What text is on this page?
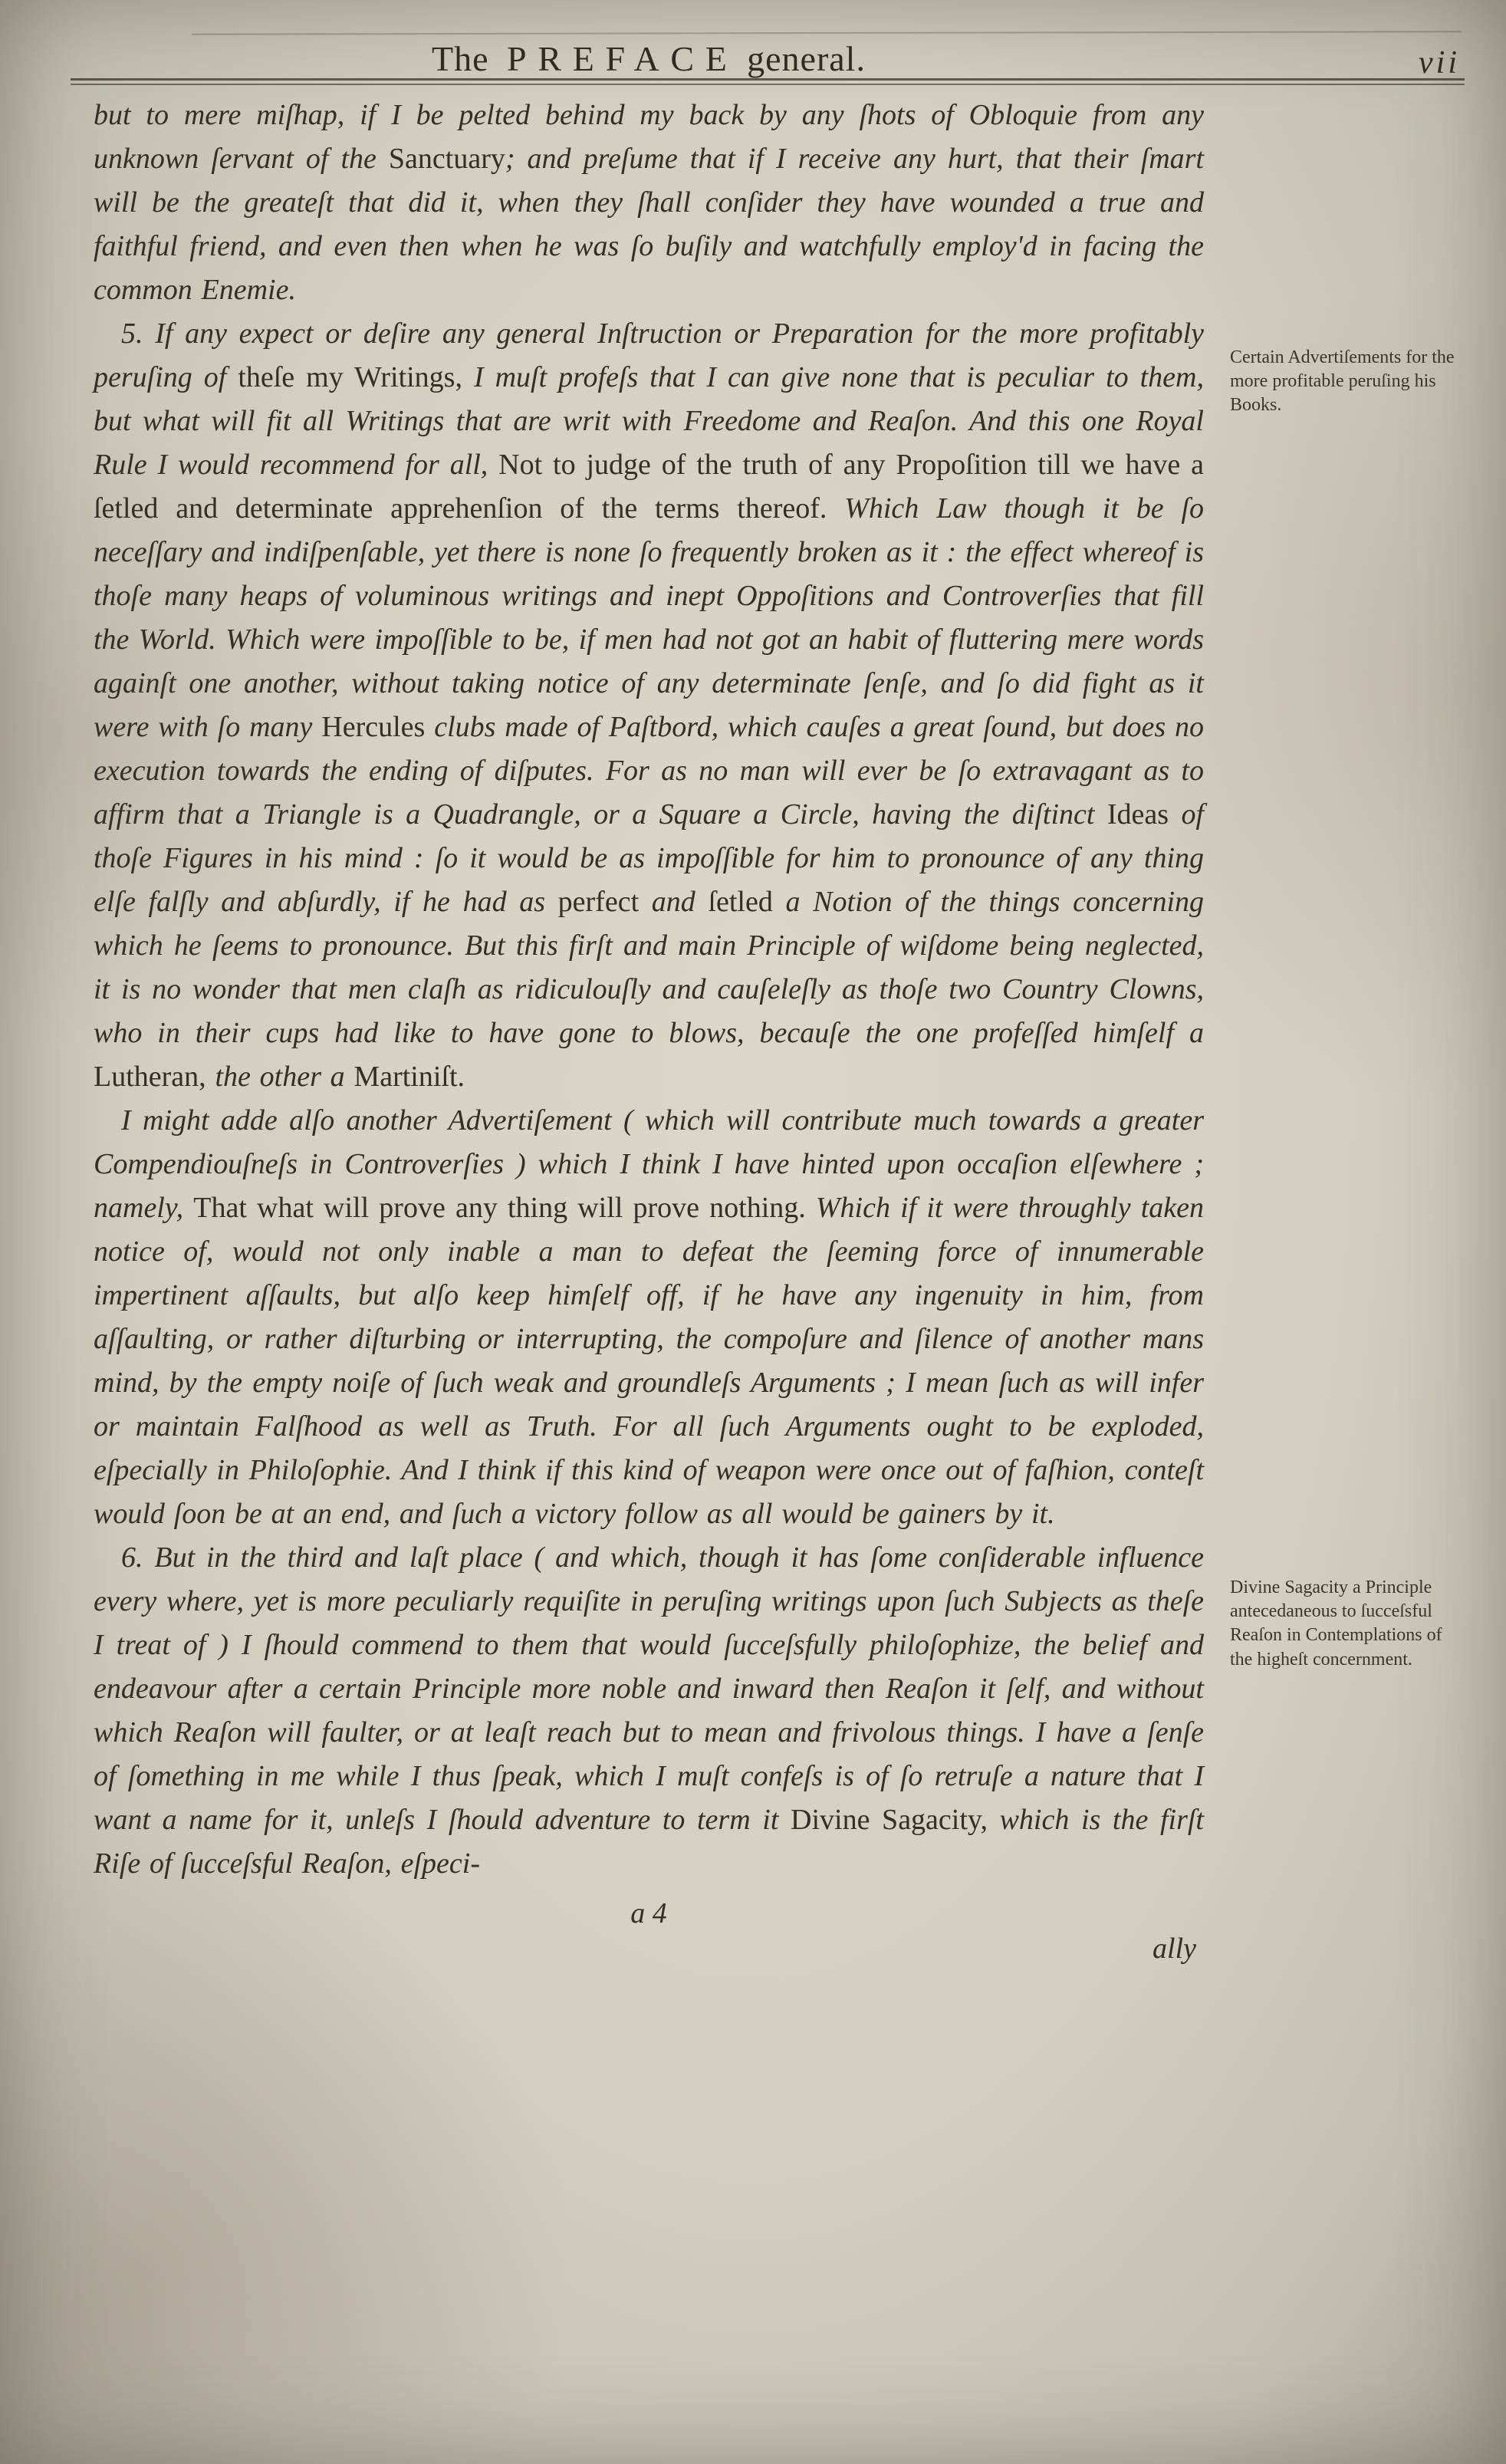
The PREFACE general.	vii
but to mere miſhap, if I be pelted behind my back by any ſhots of Obloquie from any unknown ſervant of the Sanctuary; and preſume that if I receive any hurt, that their ſmart will be the greateſt that did it, when they ſhall conſider they have wounded a true and faithful friend, and even then when he was ſo buſily and watchfully employ'd in facing the common Enemie.
5. If any expect or deſire any general Inſtruction or Preparation for the more profitably peruſing of theſe my Writings, I muſt profeſs that I can give none that is peculiar to them, but what will fit all Writings that are writ with Freedome and Reaſon. And this one Royal Rule I would recommend for all, Not to judge of the truth of any Propoſition till we have a ſetled and determinate apprehenſion of the terms thereof. Which Law though it be ſo neceſſary and indiſpenſable, yet there is none ſo frequently broken as it : the effect whereof is thoſe many heaps of voluminous writings and inept Oppoſitions and Controverſies that fill the World. Which were impoſſible to be, if men had not got an habit of fluttering mere words againſt one another, without taking notice of any determinate ſenſe, and ſo did fight as it were with ſo many Hercules clubs made of Paſtbord, which cauſes a great ſound, but does no execution towards the ending of diſputes. For as no man will ever be ſo extravagant as to affirm that a Triangle is a Quadrangle, or a Square a Circle, having the diſtinct Ideas of thoſe Figures in his mind : ſo it would be as impoſſible for him to pronounce of any thing elſe falſly and abſurdly, if he had as perfect and ſetled a Notion of the things concerning which he ſeems to pronounce. But this firſt and main Principle of wiſdome being neglected, it is no wonder that men claſh as ridiculouſly and cauſeleſly as thoſe two Country Clowns, who in their cups had like to have gone to blows, becauſe the one profeſſed himſelf a Lutheran, the other a Martiniſt.
Certain Advertiſements for the more profitable peruſing his Books.
I might adde alſo another Advertiſement ( which will contribute much towards a greater Compendiouſneſs in Controverſies ) which I think I have hinted upon occaſion elſewhere ; namely, That what will prove any thing will prove nothing. Which if it were throughly taken notice of, would not only inable a man to defeat the ſeeming force of innumerable impertinent aſſaults, but alſo keep himſelf off, if he have any ingenuity in him, from aſſaulting, or rather diſturbing or interrupting, the compoſure and ſilence of another mans mind, by the empty noiſe of ſuch weak and groundleſs Arguments ; I mean ſuch as will infer or maintain Falſhood as well as Truth. For all ſuch Arguments ought to be exploded, eſpecially in Philoſophie. And I think if this kind of weapon were once out of faſhion, conteſt would ſoon be at an end, and ſuch a victory follow as all would be gainers by it.
6. But in the third and laſt place ( and which, though it has ſome conſiderable influence every where, yet is more peculiarly requiſite in peruſing writings upon ſuch Subjects as theſe I treat of ) I ſhould commend to them that would ſucceſsfully philoſophize, the belief and endeavour after a certain Principle more noble and inward then Reaſon it ſelf, and without which Reaſon will faulter, or at leaſt reach but to mean and frivolous things. I have a ſenſe of ſomething in me while I thus ſpeak, which I muſt confeſs is of ſo retruſe a nature that I want a name for it, unleſs I ſhould adventure to term it Divine Sagacity, which is the firſt Riſe of ſucceſsful Reaſon, eſpeci-
Divine Sagacity a Principle antecedaneous to ſucceſsful Reaſon in Contemplations of the higheſt concernment.
a 4
ally
